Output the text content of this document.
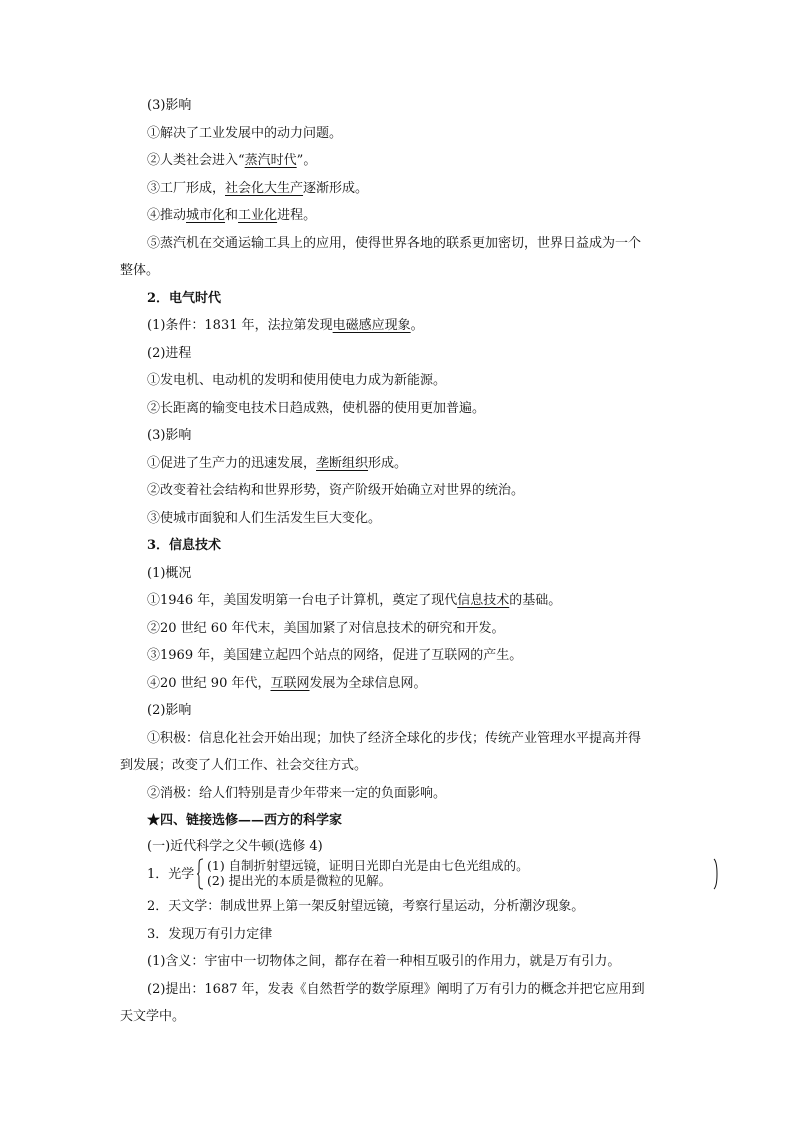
1．光学
(1) 自制折射望远镜，证明日光即白光是由七色光组成的。
(2) 提出光的本质是微粒的见解。
(3)影响
①解决了工业发展中的动力问题。
②人类社会进入“蒸汽时代”。
③工厂形成，社会化大生产逐渐形成。
④推动城市化和工业化进程。
⑤蒸汽机在交通运输工具上的应用，使得世界各地的联系更加密切，世界日益成为一个
整体。
2．电气时代
(1)条件：1831 年，法拉第发现电磁感应现象。
(2)进程
①发电机、电动机的发明和使用使电力成为新能源。
②长距离的输变电技术日趋成熟，使机器的使用更加普遍。
(3)影响
①促进了生产力的迅速发展，垄断组织形成。
②改变着社会结构和世界形势，资产阶级开始确立对世界的统治。
③使城市面貌和人们生活发生巨大变化。
3．信息技术
(1)概况
①1946 年，美国发明第一台电子计算机，奠定了现代信息技术的基础。
②20 世纪 60 年代末，美国加紧了对信息技术的研究和开发。
③1969 年，美国建立起四个站点的网络，促进了互联网的产生。
④20 世纪 90 年代，互联网发展为全球信息网。
(2)影响
①积极：信息化社会开始出现；加快了经济全球化的步伐；传统产业管理水平提高并得
到发展；改变了人们工作、社会交往方式。
②消极：给人们特别是青少年带来一定的负面影响。
★四、链接选修——西方的科学家
(一)近代科学之父牛顿(选修 4)
2．天文学：制成世界上第一架反射望远镜，考察行星运动，分析潮汐现象。
3．发现万有引力定律
(1)含义：宇宙中一切物体之间，都存在着一种相互吸引的作用力，就是万有引力。
(2)提出：1687 年，发表《自然哲学的数学原理》阐明了万有引力的概念并把它应用到
天文学中。
